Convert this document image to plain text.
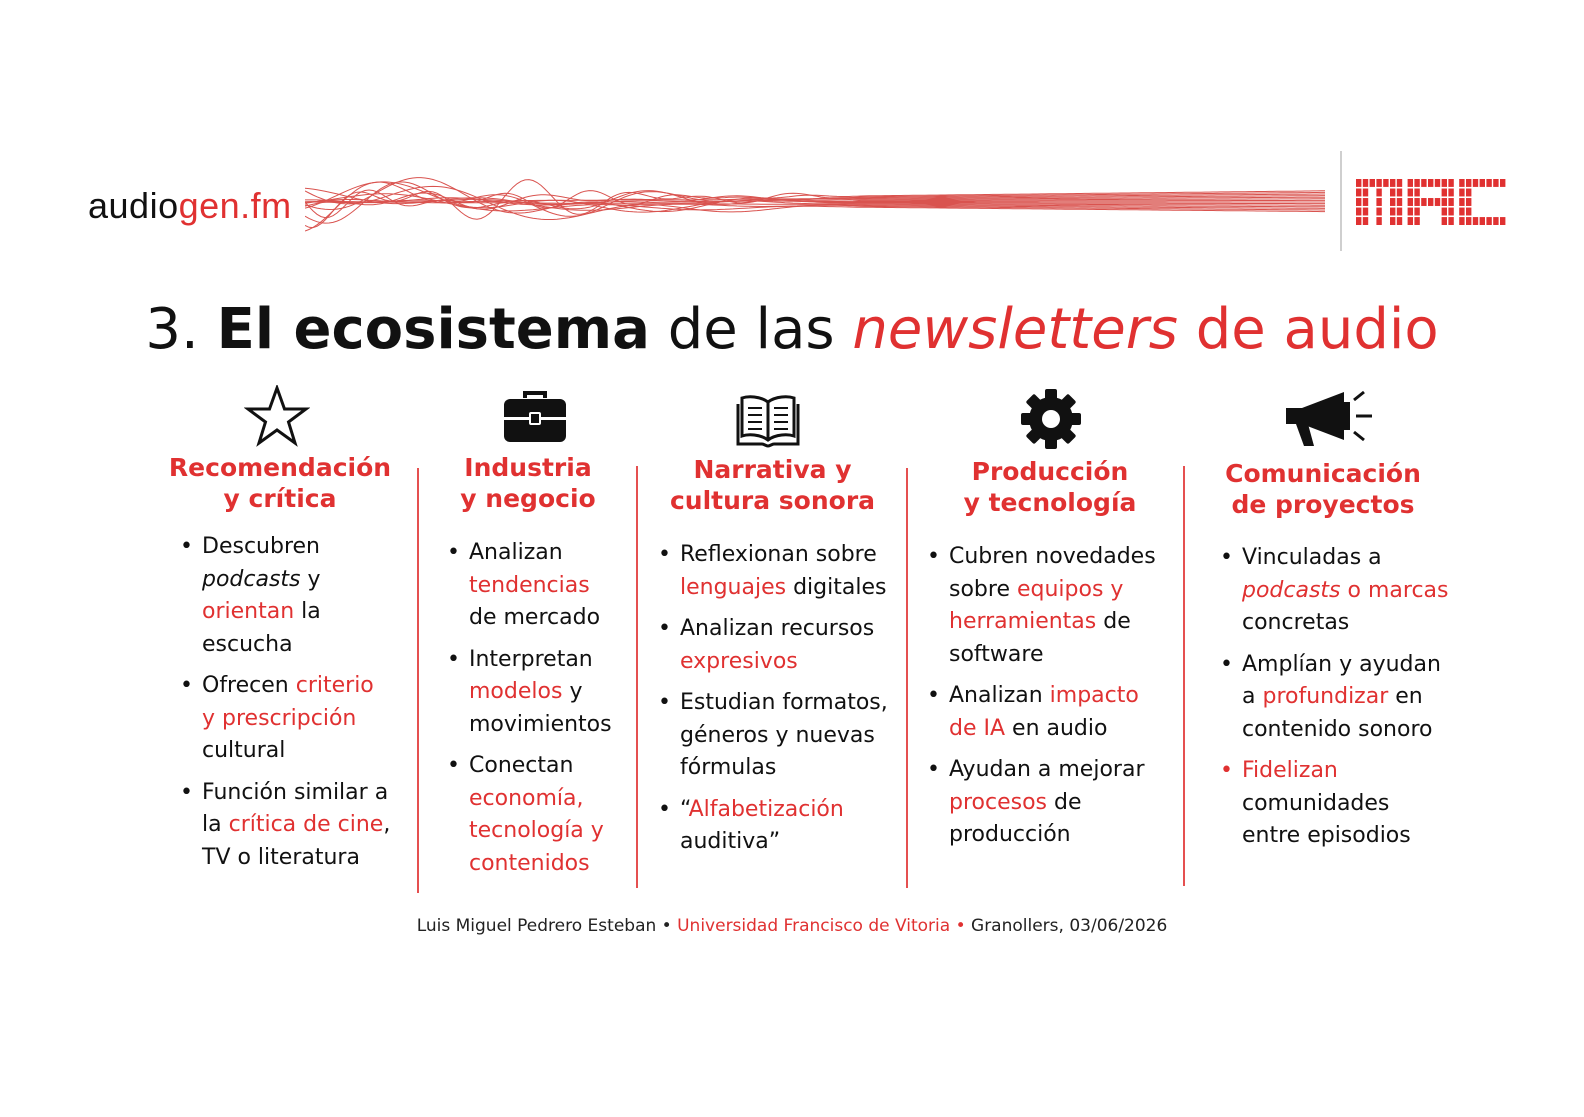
audiogen.fm
MAC
3. El ecosistema de las newsletters de audio
Recomendación
y crítica
• Descubren
podcasts y
orientan la
escucha
• Ofrecen criterio
y prescripción
cultural
• Función similar a
la crítica de cine,
TV o literatura
Industria
y negocio
• Analizan
tendencias
de mercado
• Interpretan
modelos y
movimientos
• Conectan
economía,
tecnología y
contenidos
Narrativa y
cultura sonora
• Reflexionan sobre
lenguajes digitales
• Analizan recursos
expresivos
• Estudian formatos,
géneros y nuevas
fórmulas
• “Alfabetización
auditiva”
Producción
y tecnología
• Cubren novedades
sobre equipos y
herramientas de
software
• Analizan impacto
de IA en audio
• Ayudan a mejorar
procesos de
producción
Comunicación
de proyectos
• Vinculadas a
podcasts o marcas
concretas
• Amplían y ayudan
a profundizar en
contenido sonoro
• Fidelizan
comunidades
entre episodios
Luis Miguel Pedrero Esteban • Universidad Francisco de Vitoria • Granollers, 03/06/2026
